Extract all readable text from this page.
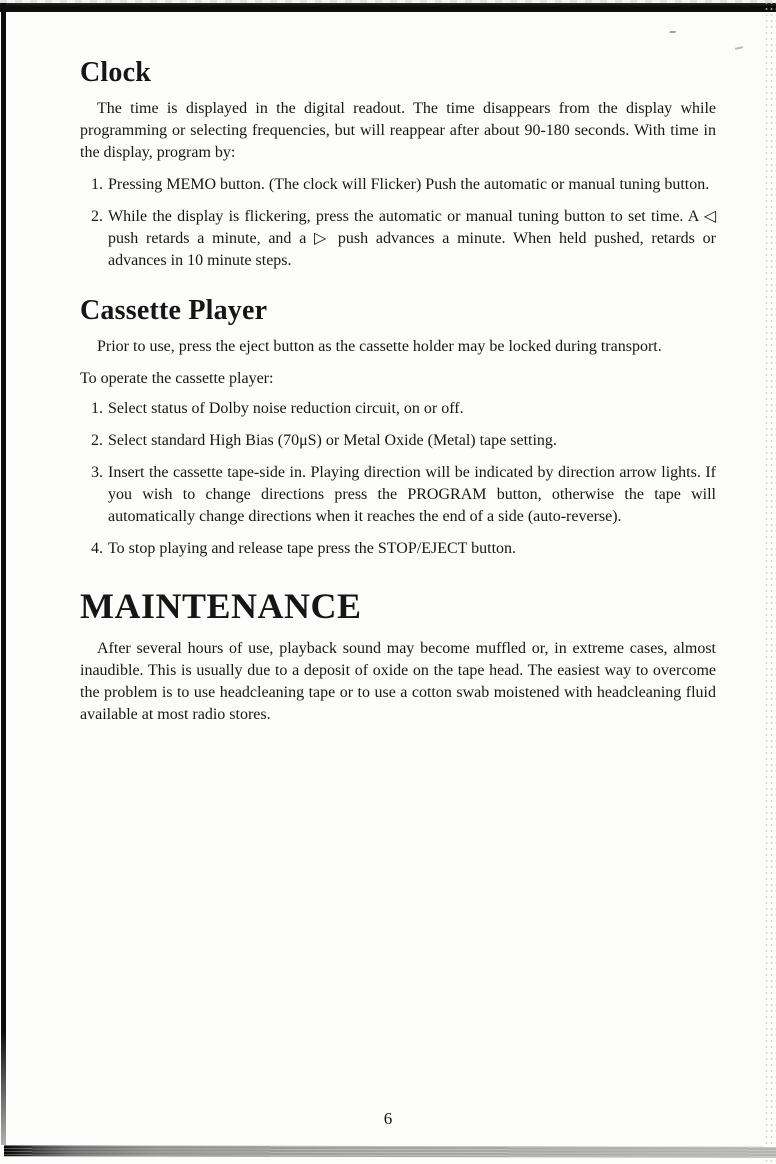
Clock

The time is displayed in the digital readout. The time disappears from the display while programming or selecting frequencies, but will reappear after about 90-180 seconds. With time in the display, program by:

1. Pressing MEMO button. (The clock will Flicker) Push the automatic or manual tuning button.
2. While the display is flickering, press the automatic or manual tuning button to set time. A ◁ push retards a minute, and a ▷ push advances a minute. When held pushed, retards or advances in 10 minute steps.
Cassette Player

Prior to use, press the eject button as the cassette holder may be locked during transport.

To operate the cassette player:

1. Select status of Dolby noise reduction circuit, on or off.
2. Select standard High Bias (70μS) or Metal Oxide (Metal) tape setting.
3. Insert the cassette tape-side in. Playing direction will be indicated by direction arrow lights. If you wish to change directions press the PROGRAM button, otherwise the tape will automatically change directions when it reaches the end of a side (auto-reverse).
4. To stop playing and release tape press the STOP/EJECT button.
MAINTENANCE

After several hours of use, playback sound may become muffled or, in extreme cases, almost inaudible. This is usually due to a deposit of oxide on the tape head. The easiest way to overcome the problem is to use headcleaning tape or to use a cotton swab moistened with headcleaning fluid available at most radio stores.

6
